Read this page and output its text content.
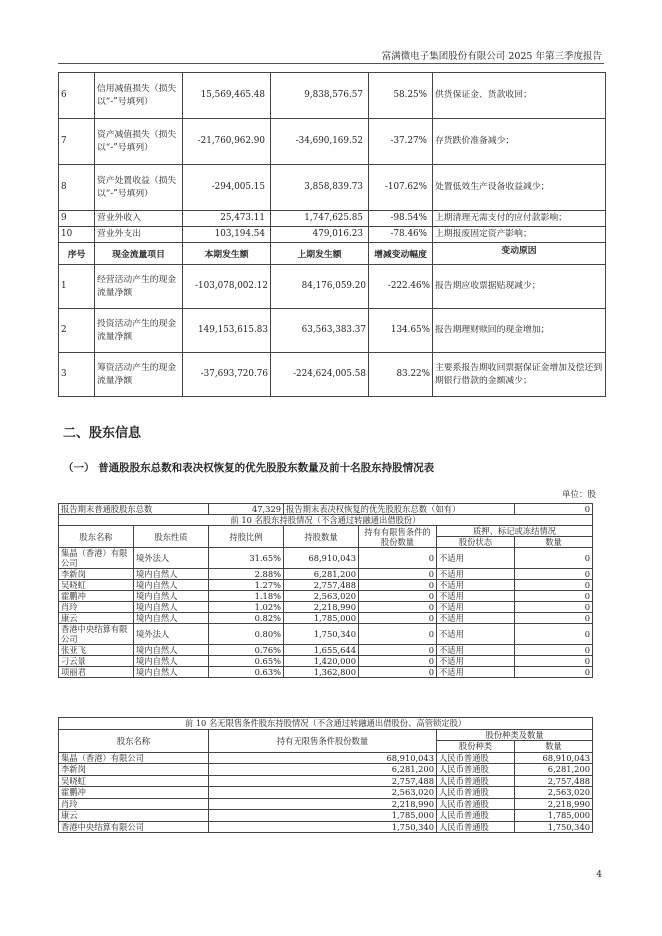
富满微电子集团股份有限公司 2025 年第三季度报告
6	信用减值损失（损失以“-”号填列）	15,569,465.48	9,838,576.57	58.25%	供货保证金、货款收回；
7	资产减值损失（损失以“-”号填列）	-21,760,962.90	-34,690,169.52	-37.27%	存货跌价准备减少；
8	资产处置收益（损失以“-”号填列）	-294,005.15	3,858,839.73	-107.62%	处置低效生产设备收益减少；
9	营业外收入	25,473.11	1,747,625.85	-98.54%	上期清理无需支付的应付款影响；
10	营业外支出	103,194.54	479,016.23	-78.46%	上期报废固定资产影响；
序号	现金流量项目	本期发生额	上期发生额	增减变动幅度	变动原因
1	经营活动产生的现金流量净额	-103,078,002.12	84,176,059.20	-222.46%	报告期应收票据贴现减少；
2	投资活动产生的现金流量净额	149,153,615.83	63,563,383.37	134.65%	报告期理财赎回的现金增加；
3	筹资活动产生的现金流量净额	-37,693,720.76	-224,624,005.58	83.22%	主要系报告期收回票据保证金增加及偿还到期银行借款的金额减少；
二、股东信息
（一） 普通股股东总数和表决权恢复的优先股股东数量及前十名股东持股情况表
单位：股
报告期末普通股股东总数		47,329	报告期末表决权恢复的优先股股东总数（如有）			0
前 10 名股东持股情况（不含通过转融通出借股份）						
股东名称	股东性质	持股比例	持股数量	持有有限售条件的股份数量	质押、标记或冻结情况	
					股份状态	数量
集晶（香港）有限公司	境外法人	31.65%	68,910,043	0	不适用	0
李新岗	境内自然人	2.88%	6,281,200	0	不适用	0
吴晓虹	境内自然人	1.27%	2,757,488	0	不适用	0
霍鹏冲	境内自然人	1.18%	2,563,020	0	不适用	0
肖玲	境内自然人	1.02%	2,218,990	0	不适用	0
康云	境内自然人	0.82%	1,785,000	0	不适用	0
香港中央结算有限公司	境外法人	0.80%	1,750,340	0	不适用	0
张亚飞	境内自然人	0.76%	1,655,644	0	不适用	0
刁云景	境内自然人	0.65%	1,420,000	0	不适用	0
项丽君	境内自然人	0.63%	1,362,800	0	不适用	0
前 10 名无限售条件股东持股情况（不含通过转融通出借股份、高管锁定股）			
股东名称	持有无限售条件股份数量	股份种类及数量	
		股份种类	数量
集晶（香港）有限公司	68,910,043	人民币普通股	68,910,043
李新岗	6,281,200	人民币普通股	6,281,200
吴晓虹	2,757,488	人民币普通股	2,757,488
霍鹏冲	2,563,020	人民币普通股	2,563,020
肖玲	2,218,990	人民币普通股	2,218,990
康云	1,785,000	人民币普通股	1,785,000
香港中央结算有限公司	1,750,340	人民币普通股	1,750,340
4
